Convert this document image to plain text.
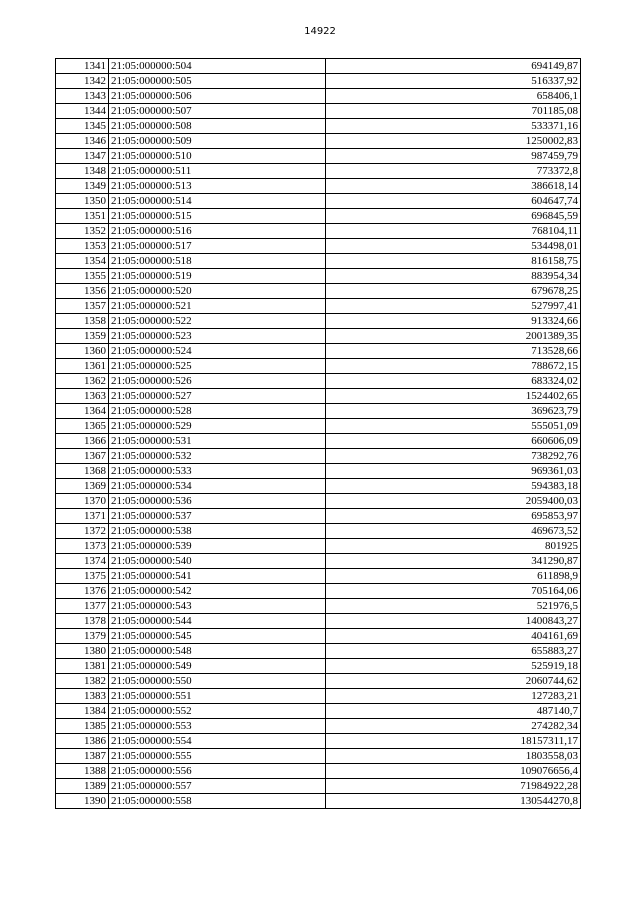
14922
1341	21:05:000000:504	694149,87
1342	21:05:000000:505	516337,92
1343	21:05:000000:506	658406,1
1344	21:05:000000:507	701185,08
1345	21:05:000000:508	533371,16
1346	21:05:000000:509	1250002,83
1347	21:05:000000:510	987459,79
1348	21:05:000000:511	773372,8
1349	21:05:000000:513	386618,14
1350	21:05:000000:514	604647,74
1351	21:05:000000:515	696845,59
1352	21:05:000000:516	768104,11
1353	21:05:000000:517	534498,01
1354	21:05:000000:518	816158,75
1355	21:05:000000:519	883954,34
1356	21:05:000000:520	679678,25
1357	21:05:000000:521	527997,41
1358	21:05:000000:522	913324,66
1359	21:05:000000:523	2001389,35
1360	21:05:000000:524	713528,66
1361	21:05:000000:525	788672,15
1362	21:05:000000:526	683324,02
1363	21:05:000000:527	1524402,65
1364	21:05:000000:528	369623,79
1365	21:05:000000:529	555051,09
1366	21:05:000000:531	660606,09
1367	21:05:000000:532	738292,76
1368	21:05:000000:533	969361,03
1369	21:05:000000:534	594383,18
1370	21:05:000000:536	2059400,03
1371	21:05:000000:537	695853,97
1372	21:05:000000:538	469673,52
1373	21:05:000000:539	801925
1374	21:05:000000:540	341290,87
1375	21:05:000000:541	611898,9
1376	21:05:000000:542	705164,06
1377	21:05:000000:543	521976,5
1378	21:05:000000:544	1400843,27
1379	21:05:000000:545	404161,69
1380	21:05:000000:548	655883,27
1381	21:05:000000:549	525919,18
1382	21:05:000000:550	2060744,62
1383	21:05:000000:551	127283,21
1384	21:05:000000:552	487140,7
1385	21:05:000000:553	274282,34
1386	21:05:000000:554	18157311,17
1387	21:05:000000:555	1803558,03
1388	21:05:000000:556	109076656,4
1389	21:05:000000:557	71984922,28
1390	21:05:000000:558	130544270,8
